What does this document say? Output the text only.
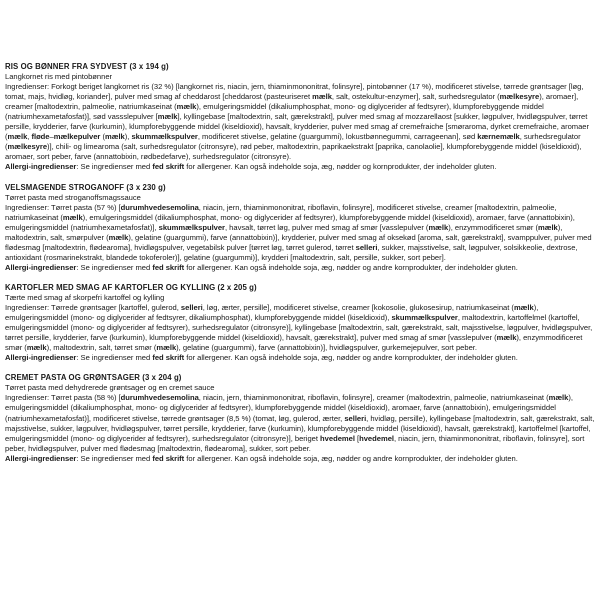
RIS OG BØNNER FRA SYDVEST (3 x 194 g)
Langkornet ris med pintobønner
Ingredienser: Forkogt beriget langkornet ris (32 %) [langkornet ris, niacin, jern, thiaminmononitrat, folinsyre], pintobønner (17 %), modificeret stivelse, tørrede grøntsager [løg, tomat, majs, hvidløg, koriander], pulver med smag af cheddarost [cheddarost (pasteuriseret mælk, salt, ostekultur-enzymer], salt, surhedsregulator (mælkesyre), aromaer], creamer [maltodextrin, palmeolie, natriumkaseinat (mælk), emulgeringsmiddel (dikaliumphosphat, mono- og diglycerider af fedtsyrer), klumpforebyggende middel (natriumhexametafosfat)], sød vassslepulver [mælk], kyllingebase [maltodextrin, salt, gærekstrakt], pulver med smag af mozzarellaost [sukker, løgpulver, hvidløgspulver, tørret persille, krydderier, farve (kurkumin), klumpforebyggende middel (kiseldioxid), havsalt, krydderier, pulver med smag af cremefraiche [smøraroma, dyrket cremefraiche, aromaer (mælk, fløde–mælkepulver (mælk), skummælkspulver, modificeret stivelse, gelatine (guargummi), lokustbønnegummi, carrageenan], sød kærnemælk, surhedsregulator (mælkesyre)], chili- og limearoma (salt, surhedsregulator (citronsyre), rød peber, maltodextrin, paprikaekstrakt [paprika, canolaolie], klumpforebyggende middel (kiseldioxid), aromaer, sort peber, farve (annattobixin, rødbedefarve), surhedsregulator (citronsyre).
Allergi-ingredienser: Se ingredienser med fed skrift for allergener. Kan også indeholde soja, æg, nødder og kornprodukter, der indeholder gluten.
VELSMAGENDE STROGANOFF (3 x 230 g)
Tørret pasta med stroganoffsmagssauce
Ingredienser: Tørret pasta (57 %) [durumhvedesemolina, niacin, jern, thiaminmononitrat, riboflavin, folinsyre], modificeret stivelse, creamer [maltodextrin, palmeolie, natriumkaseinat (mælk), emulgeringsmiddel (dikaliumphosphat, mono- og diglycerider af fedtsyrer), klumpforebyggende middel (kiseldioxid), aromaer, farve (annattobixin), emulgeringsmiddel (natriumhexametafosfat)], skummælkspulver, havsalt, tørret løg, pulver med smag af smør [vasslepulver (mælk), enzymmodificeret smør (mælk), maltodextrin, salt, smørpulver (mælk), gelatine (guargummi), farve (annattobixin)], krydderier, pulver med smag af oksekød [aroma, salt, gærekstrakt], svamppulver, pulver med flødesmag [maltodextrin, flødearoma], hvidløgspulver, vegetabilsk pulver [tørret løg, tørret gulerod, tørret selleri, sukker, majsstivelse, salt, løgpulver, solsikkeolie, dextrose, antioxidant (rosmarinekstrakt, blandede tokoferoler)], gelatine (guargummi)], krydderi [maltodextrin, salt, persille, sukker, sort peber].
Allergi-ingredienser: Se ingredienser med fed skrift for allergener. Kan også indeholde soja, æg, nødder og andre kornprodukter, der indeholder gluten.
KARTOFLER MED SMAG AF KARTOFLER OG KYLLING (2 x 205 g)
Tærte med smag af skorpefri kartoffel og kylling
Ingredienser: Tørrede grøntsager [kartoffel, gulerod, selleri, løg, ærter, persille], modificeret stivelse, creamer [kokosolie, glukosesirup, natriumkaseinat (mælk), emulgeringsmiddel (mono- og diglycerider af fedtsyrer, dikaliumphosphat), klumpforebyggende middel (kiseldioxid), skummælkspulver, maltodextrin, kartoffelmel (kartoffel, emulgeringsmiddel (mono- og diglycerider af fedtsyrer), surhedsregulator (citronsyre)], kyllingebase [maltodextrin, salt, gærekstrakt, salt, majsstivelse, løgpulver, hvidløgspulver, tørret persille, krydderier, farve (kurkumin), klumpforebyggende middel (kiseldioxid), havsalt, gærekstrakt], pulver med smag af smør [vasslepulver (mælk), enzymmodificeret smør (mælk), maltodextrin, salt, tørret smør (mælk), gelatine (guargummi), farve (annattobixin)], hvidløgspulver, gurkemejepulver, sort peber.
Allergi-ingredienser: Se ingredienser med fed skrift for allergener. Kan også indeholde soja, æg, nødder og andre kornprodukter, der indeholder gluten.
CREMET PASTA OG GRØNTSAGER (3 x 204 g)
Tørret pasta med dehydrerede grøntsager og en cremet sauce
Ingredienser: Tørret pasta (58 %) [durumhvedesemolina, niacin, jern, thiaminmononitrat, riboflavin, folinsyre], creamer (maltodextrin, palmeolie, natriumkaseinat (mælk), emulgeringsmiddel (dikaliumphosphat, mono- og diglycerider af fedtsyrer), klumpforebyggende middel (kiseldioxid), aromaer, farve (annattobixin), emulgeringsmiddel (natriumhexametafosfat)], modificeret stivelse, tørrede grøntsager (8,5 %) (tomat, løg, gulerod, ærter, selleri, hvidløg, persille), kyllingebase [maltodextrin, salt, gærekstrakt, salt, majsstivelse, sukker, løgpulver, hvidløgspulver, tørret persille, krydderier, farve (kurkumin), klumpforebyggende middel (kiseldioxid), havsalt, gærekstrakt], kartoffelmel [kartoffel, emulgeringsmiddel (mono- og diglycerider af fedtsyrer), surhedsregulator (citronsyre)], beriget hvedemel [hvedemel, niacin, jern, thiaminmononitrat, riboflavin, folinsyre], sort peber, hvidløgspulver, pulver med flødesmag [maltodextrin, flødearoma], sukker, sort peber.
Allergi-ingredienser: Se ingredienser med fed skrift for allergener. Kan også indeholde soja, æg, nødder og andre kornprodukter, der indeholder gluten.
